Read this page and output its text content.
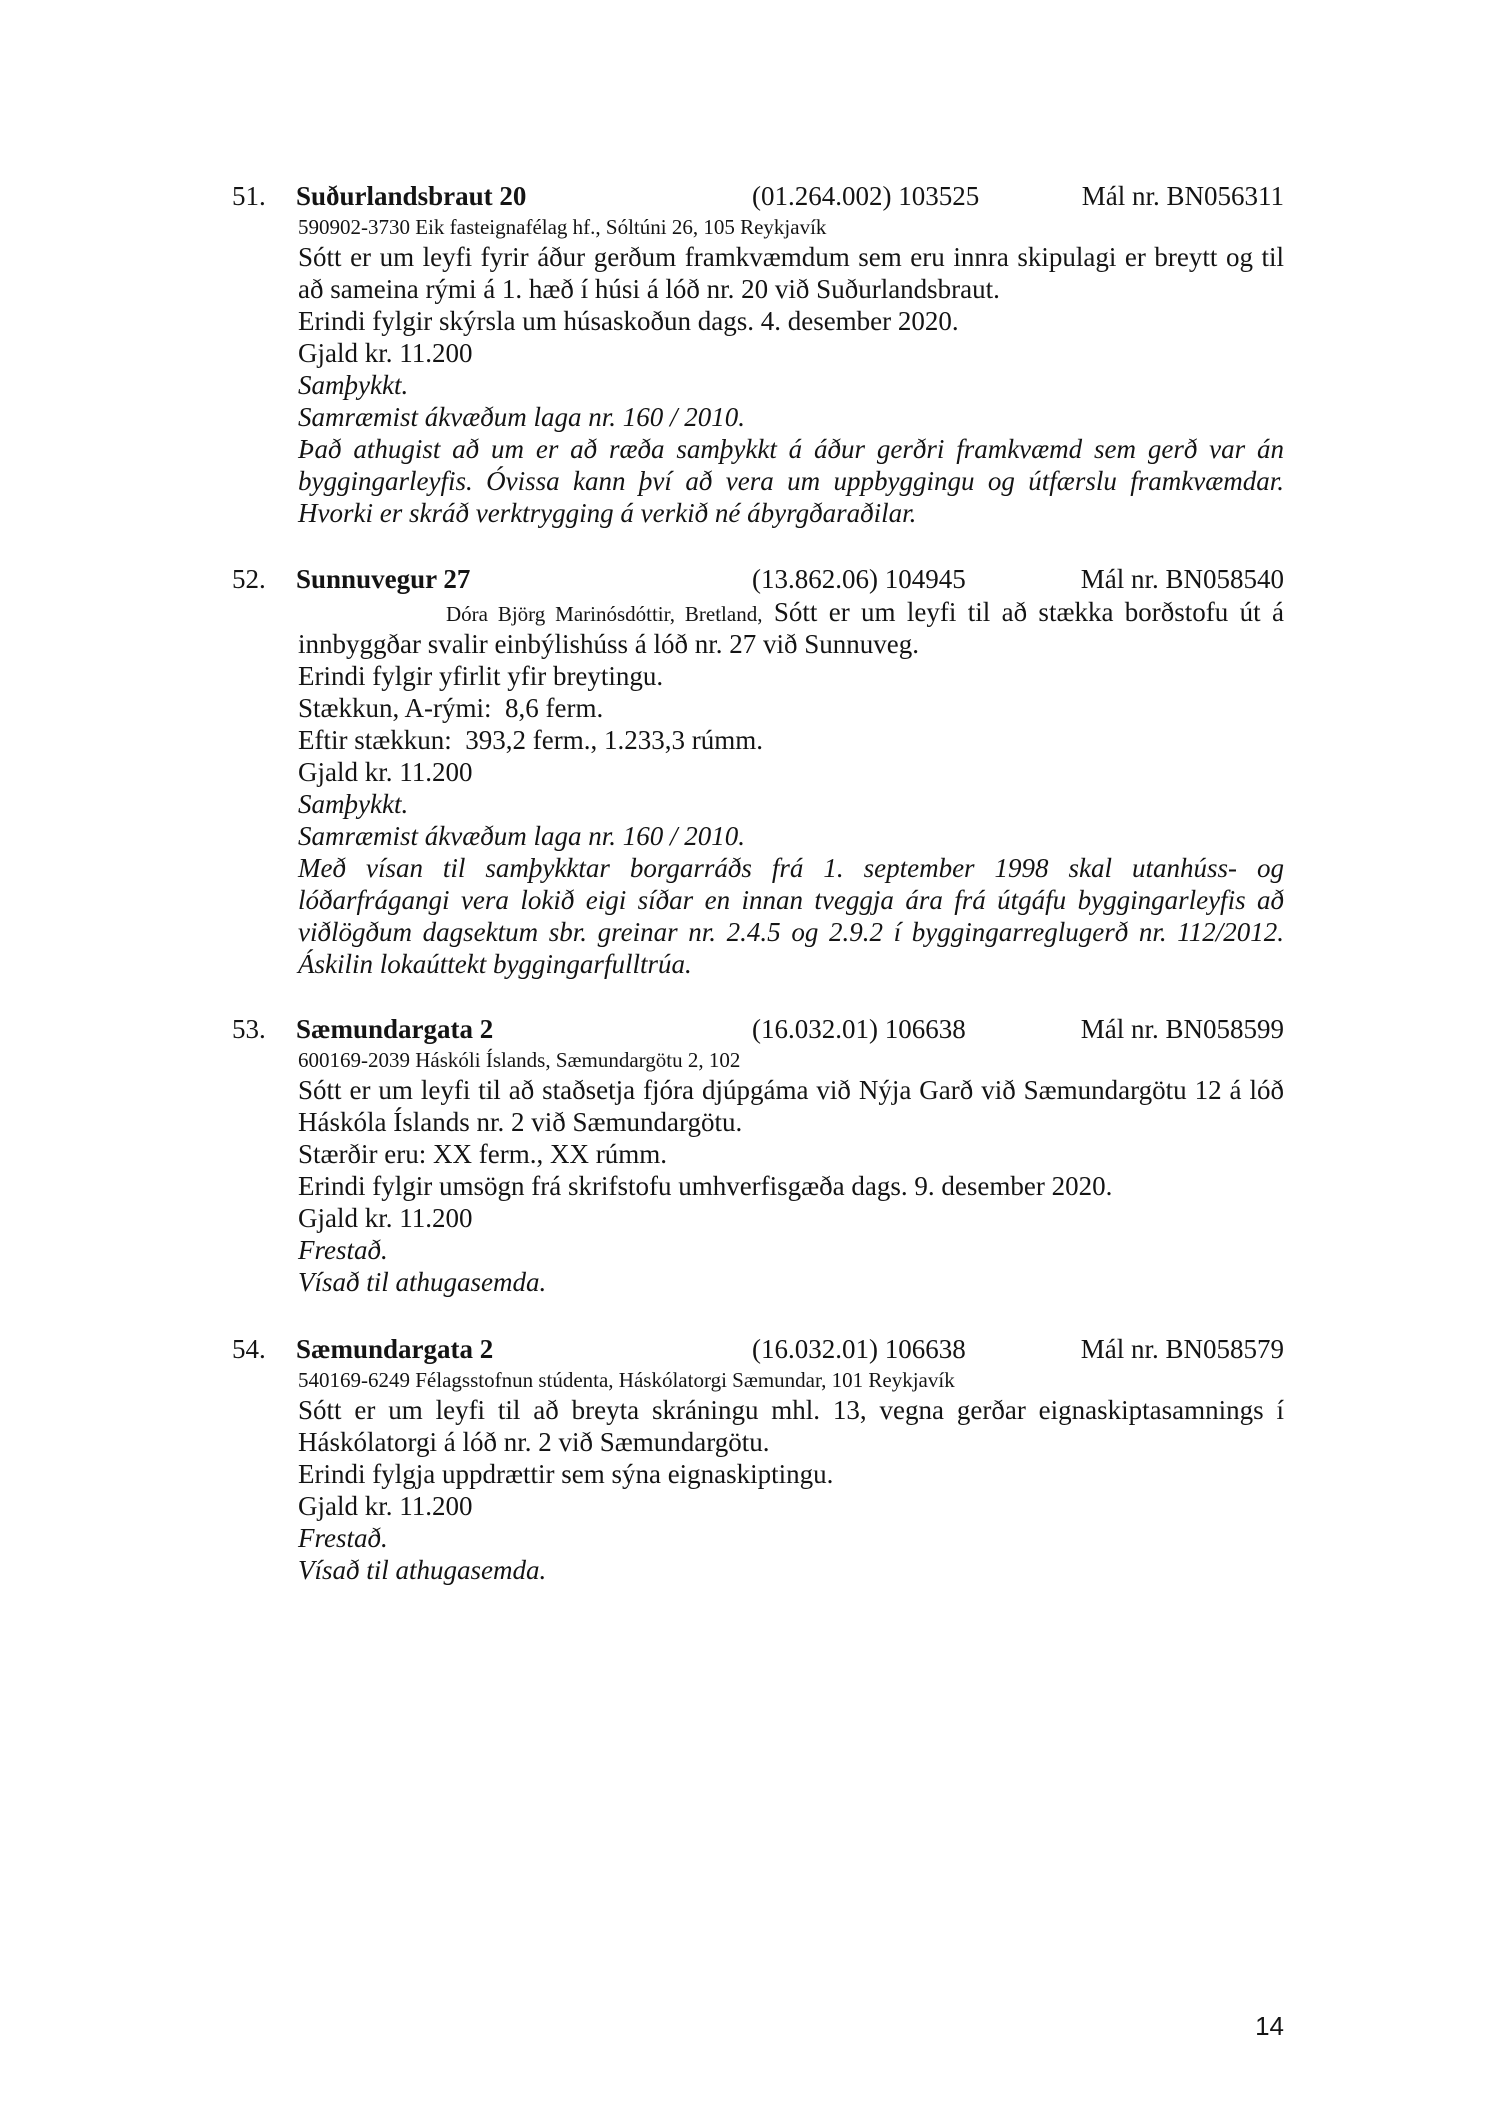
51. Suðurlandsbraut 20	(01.264.002) 103525	Mál nr. BN056311
590902-3730 Eik fasteignafélag hf., Sóltúni 26, 105 Reykjavík

Sótt er um leyfi fyrir áður gerðum framkvæmdum sem eru innra skipulagi er breytt og til að sameina rými á 1. hæð í húsi á lóð nr. 20 við Suðurlandsbraut.

Erindi fylgir skýrsla um húsaskoðun dags. 4. desember 2020.

Gjald kr. 11.200

Samþykkt.

Samræmist ákvæðum laga nr. 160 / 2010.

Það athugist að um er að ræða samþykkt á áður gerðri framkvæmd sem gerð var án byggingarleyfis. Óvissa kann því að vera um uppbyggingu og útfærslu framkvæmdar. Hvorki er skráð verktrygging á verkið né ábyrgðaraðilar.

52. Sunnuvegur 27	(13.862.06) 104945	Mál nr. BN058540

Dóra Björg Marinósdóttir, Bretland, Sótt er um leyfi til að stækka borðstofu út á innbyggðar svalir einbýlishúss á lóð nr. 27 við Sunnuveg.

Erindi fylgir yfirlit yfir breytingu.

Stækkun, A-rými:  8,6 ferm.

Eftir stækkun:  393,2 ferm., 1.233,3 rúmm.

Gjald kr. 11.200

Samþykkt.

Samræmist ákvæðum laga nr. 160 / 2010.

Með vísan til samþykktar borgarráðs frá 1. september 1998 skal utanhúss- og lóðarfrágangi vera lokið eigi síðar en innan tveggja ára frá útgáfu byggingarleyfis að viðlögðum dagsektum sbr. greinar nr. 2.4.5 og 2.9.2 í byggingarreglugerð nr. 112/2012. Áskilin lokaúttekt byggingarfulltrúa.

53. Sæmundargata 2	(16.032.01) 106638	Mál nr. BN058599
600169-2039 Háskóli Íslands, Sæmundargötu 2, 102

Sótt er um leyfi til að staðsetja fjóra djúpgáma við Nýja Garð við Sæmundargötu 12 á lóð Háskóla Íslands nr. 2 við Sæmundargötu.

Stærðir eru: XX ferm., XX rúmm.

Erindi fylgir umsögn frá skrifstofu umhverfisgæða dags. 9. desember 2020.

Gjald kr. 11.200

Frestað.

Vísað til athugasemda.

54. Sæmundargata 2	(16.032.01) 106638	Mál nr. BN058579
540169-6249 Félagsstofnun stúdenta, Háskólatorgi Sæmundar, 101 Reykjavík

Sótt er um leyfi til að breyta skráningu mhl. 13, vegna gerðar eignaskiptasamnings í Háskólatorgi á lóð nr. 2 við Sæmundargötu.

Erindi fylgja uppdrættir sem sýna eignaskiptingu.

Gjald kr. 11.200

Frestað.

Vísað til athugasemda.

14
